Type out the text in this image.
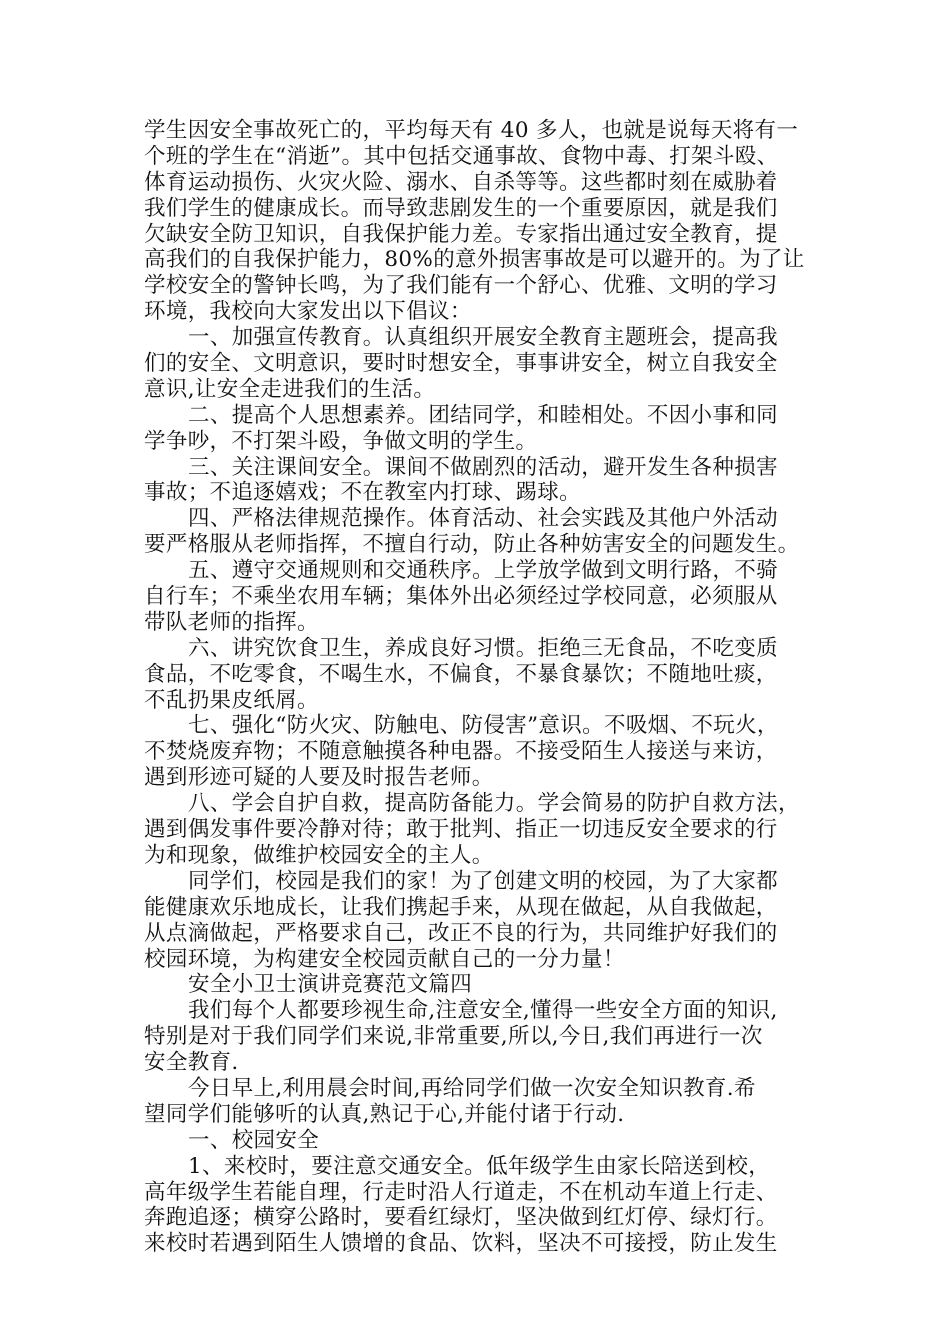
学生因安全事故死亡的，平均每天有 40 多人，也就是说每天将有一
个班的学生在“消逝”。其中包括交通事故、食物中毒、打架斗殴、
体育运动损伤、火灾火险、溺水、自杀等等。这些都时刻在威胁着
我们学生的健康成长。而导致悲剧发生的一个重要原因，就是我们
欠缺安全防卫知识，自我保护能力差。专家指出通过安全教育，提
高我们的自我保护能力，80%的意外损害事故是可以避开的。为了让
学校安全的警钟长鸣，为了我们能有一个舒心、优雅、文明的学习
环境，我校向大家发出以下倡议：
一、加强宣传教育。认真组织开展安全教育主题班会，提高我
们的安全、文明意识，要时时想安全，事事讲安全，树立自我安全
意识,让安全走进我们的生活。
二、提高个人思想素养。团结同学，和睦相处。不因小事和同
学争吵，不打架斗殴，争做文明的学生。
三、关注课间安全。课间不做剧烈的活动，避开发生各种损害
事故；不追逐嬉戏；不在教室内打球、踢球。
四、严格法律规范操作。体育活动、社会实践及其他户外活动
要严格服从老师指挥，不擅自行动，防止各种妨害安全的问题发生。
五、遵守交通规则和交通秩序。上学放学做到文明行路，不骑
自行车；不乘坐农用车辆；集体外出必须经过学校同意，必须服从
带队老师的指挥。
六、讲究饮食卫生，养成良好习惯。拒绝三无食品，不吃变质
食品，不吃零食，不喝生水，不偏食，不暴食暴饮；不随地吐痰，
不乱扔果皮纸屑。
七、强化“防火灾、防触电、防侵害”意识。不吸烟、不玩火，
不焚烧废弃物；不随意触摸各种电器。不接受陌生人接送与来访，
遇到形迹可疑的人要及时报告老师。
八、学会自护自救，提高防备能力。学会简易的防护自救方法，
遇到偶发事件要冷静对待；敢于批判、指正一切违反安全要求的行
为和现象，做维护校园安全的主人。
同学们，校园是我们的家！为了创建文明的校园，为了大家都
能健康欢乐地成长，让我们携起手来，从现在做起，从自我做起，
从点滴做起，严格要求自己，改正不良的行为，共同维护好我们的
校园环境，为构建安全校园贡献自己的一分力量！
安全小卫士演讲竞赛范文篇四
我们每个人都要珍视生命,注意安全,懂得一些安全方面的知识,
特别是对于我们同学们来说,非常重要,所以,今日,我们再进行一次
安全教育.
今日早上,利用晨会时间,再给同学们做一次安全知识教育.希
望同学们能够听的认真,熟记于心,并能付诸于行动.
一、校园安全
1、来校时，要注意交通安全。低年级学生由家长陪送到校，
高年级学生若能自理，行走时沿人行道走，不在机动车道上行走、
奔跑追逐；横穿公路时，要看红绿灯，坚决做到红灯停、绿灯行。
来校时若遇到陌生人馈增的食品、饮料，坚决不可接授，防止发生
